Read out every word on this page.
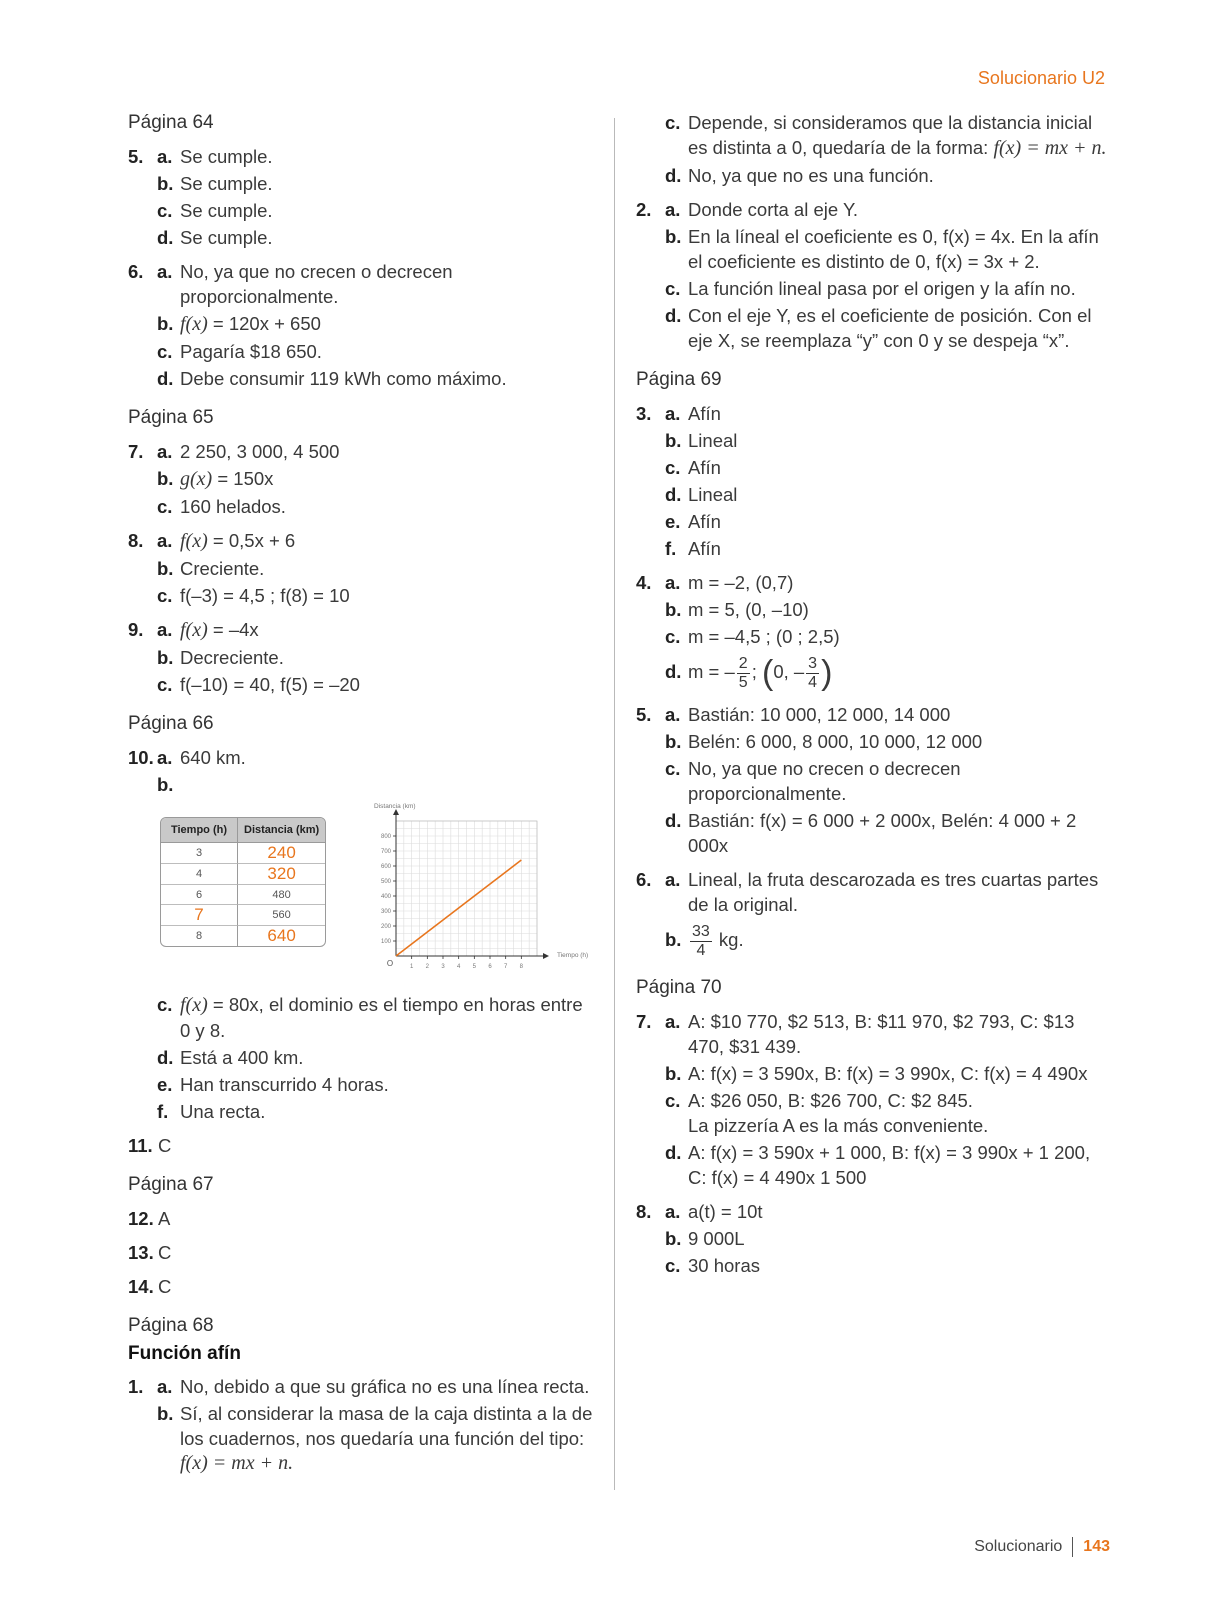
Solucionario U2
Página 64
5. a. Se cumple.
b. Se cumple.
c. Se cumple.
d. Se cumple.
6. a. No, ya que no crecen o decrecen proporcionalmente.
b. f(x) = 120x + 650
c. Pagaría $18 650.
d. Debe consumir 119 kWh como máximo.
Página 65
7. a. 2 250, 3 000, 4 500
b. g(x) = 150x
c. 160 helados.
8. a. f(x) = 0,5x + 6
b. Creciente.
c. f(–3) = 4,5 ; f(8) = 10
9. a. f(x) = –4x
b. Decreciente.
c. f(–10) = 40, f(5) = –20
Página 66
10. a. 640 km.
b.
c. f(x) = 80x, el dominio es el tiempo en horas entre 0 y 8.
d. Está a 400 km.
e. Han transcurrido 4 horas.
f. Una recta.
11. C
Página 67
12. A
13. C
14. C
Página 68
Función afín
1. a. No, debido a que su gráfica no es una línea recta.
b. Sí, al considerar la masa de la caja distinta a la de los cuadernos, nos quedaría una función del tipo:
f(x) = mx + n.
Tiempo (h)	Distancia (km)
3	240
4	320
6	480
7	560
8	640
1 2 3 4 5 6 7 8
100
200
300
400
500
600
700
800
O
Distancia (km)
Tiempo (h)
c. Depende, si consideramos que la distancia inicial es distinta a 0, quedaría de la forma: f(x) = mx + n.
d. No, ya que no es una función.
2. a. Donde corta al eje Y.
b. En la líneal el coeficiente es 0, f(x) = 4x. En la afín el coeficiente es distinto de 0, f(x) = 3x + 2.
c. La función lineal pasa por el origen y la afín no.
d. Con el eje Y, es el coeficiente de posición. Con el eje X, se reemplaza “y” con 0 y se despeja “x”.
Página 69
3. a. Afín
b. Lineal
c. Afín
d. Lineal
e. Afín
f. Afín
4. a. m = –2, (0,7)
b. m = 5, (0, –10)
c. m = –4,5 ; (0 ; 2,5)
d. m = – $\frac{2}{5}$ ; (0, – $\frac{3}{4}$ )
5. a. Bastián: 10 000, 12 000, 14 000
b. Belén: 6 000, 8 000, 10 000, 12 000
c. No, ya que no crecen o decrecen proporcionalmente.
d. Bastián: f(x) = 6 000 + 2 000x, Belén: 4 000 + 2 000x
6. a. Lineal, la fruta descarozada es tres cuartas partes de la original.
b. $\frac{33}{4}$ kg.
Página 70
7. a. A: $10 770, $2 513, B: $11 970, $2 793, C: $13 470, $31 439.
b. A: f(x) = 3 590x, B: f(x) = 3 990x, C: f(x) = 4 490x
c. A: $26 050, B: $26 700, C: $2 845.
La pizzería A es la más conveniente.
d. A: f(x) = 3 590x + 1 000, B: f(x) = 3 990x + 1 200, C: f(x) = 4 490x 1 500
8. a. a(t) = 10t
b. 9 000L
c. 30 horas
Solucionario 143
